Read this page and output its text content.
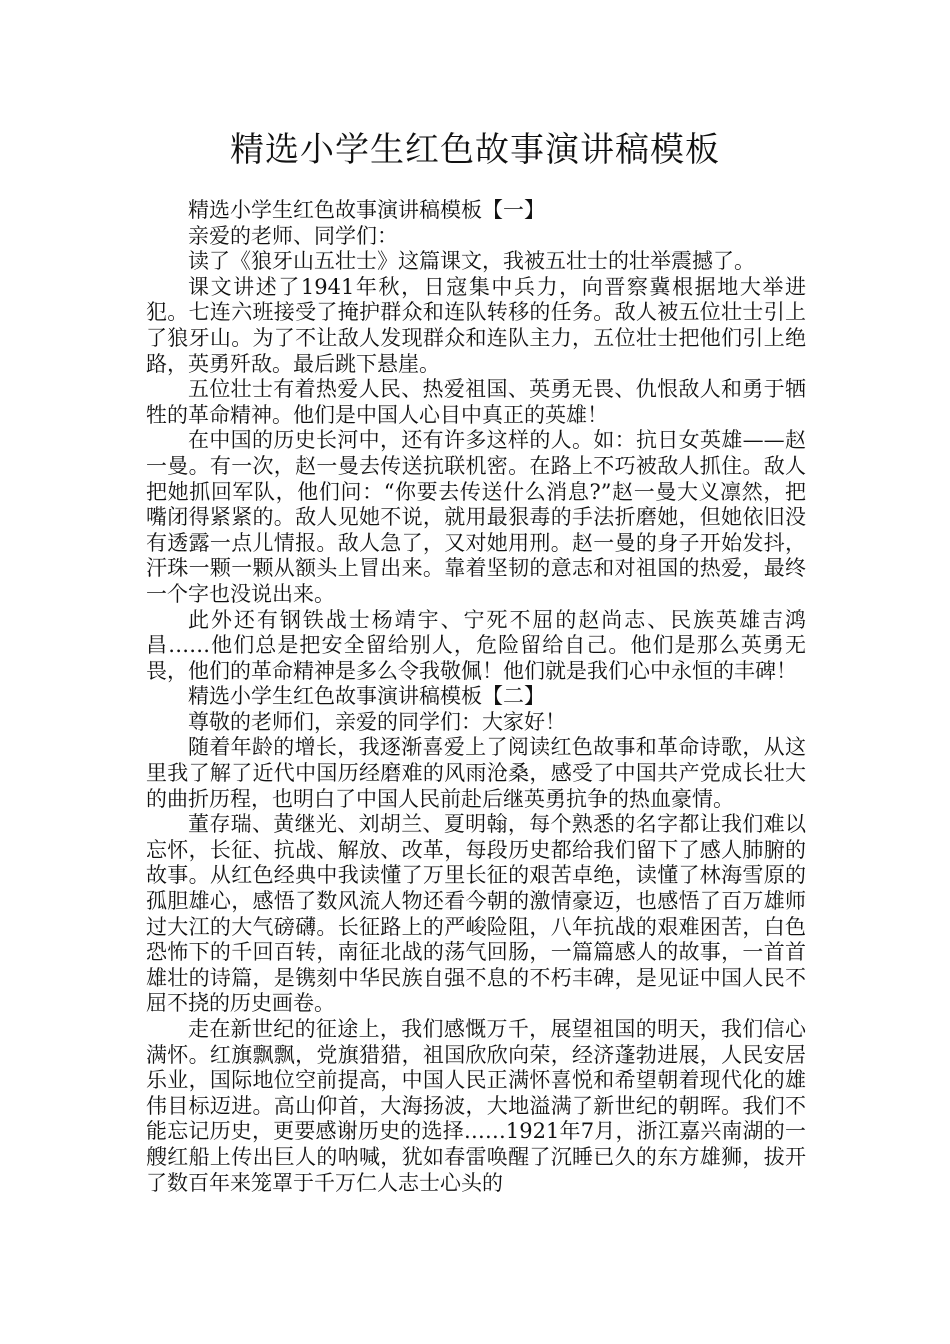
精选小学生红色故事演讲稿模板

精选小学生红色故事演讲稿模板【一】

亲爱的老师、同学们：

读了《狼牙山五壮士》这篇课文，我被五壮士的壮举震撼了。

课文讲述了1941年秋，日寇集中兵力，向晋察冀根据地大举进犯。七连六班接受了掩护群众和连队转移的任务。敌人被五位壮士引上了狼牙山。为了不让敌人发现群众和连队主力，五位壮士把他们引上绝路，英勇歼敌。最后跳下悬崖。

五位壮士有着热爱人民、热爱祖国、英勇无畏、仇恨敌人和勇于牺牲的革命精神。他们是中国人心目中真正的英雄！

在中国的历史长河中，还有许多这样的人。如：抗日女英雄——赵一曼。有一次，赵一曼去传送抗联机密。在路上不巧被敌人抓住。敌人把她抓回军队，他们问：“你要去传送什么消息?”赵一曼大义凛然，把嘴闭得紧紧的。敌人见她不说，就用最狠毒的手法折磨她，但她依旧没有透露一点儿情报。敌人急了，又对她用刑。赵一曼的身子开始发抖，汗珠一颗一颗从额头上冒出来。靠着坚韧的意志和对祖国的热爱，最终一个字也没说出来。

此外还有钢铁战士杨靖宇、宁死不屈的赵尚志、民族英雄吉鸿昌……他们总是把安全留给别人，危险留给自己。他们是那么英勇无畏，他们的革命精神是多么令我敬佩！他们就是我们心中永恒的丰碑！

精选小学生红色故事演讲稿模板【二】

尊敬的老师们，亲爱的同学们：大家好！

随着年龄的增长，我逐渐喜爱上了阅读红色故事和革命诗歌，从这里我了解了近代中国历经磨难的风雨沧桑，感受了中国共产党成长壮大的曲折历程，也明白了中国人民前赴后继英勇抗争的热血豪情。

董存瑞、黄继光、刘胡兰、夏明翰，每个熟悉的名字都让我们难以忘怀，长征、抗战、解放、改革，每段历史都给我们留下了感人肺腑的故事。从红色经典中我读懂了万里长征的艰苦卓绝，读懂了林海雪原的孤胆雄心，感悟了数风流人物还看今朝的激情豪迈，也感悟了百万雄师过大江的大气磅礴。长征路上的严峻险阻，八年抗战的艰难困苦，白色恐怖下的千回百转，南征北战的荡气回肠，一篇篇感人的故事，一首首雄壮的诗篇，是镌刻中华民族自强不息的不朽丰碑，是见证中国人民不屈不挠的历史画卷。

走在新世纪的征途上，我们感慨万千，展望祖国的明天，我们信心满怀。红旗飘飘，党旗猎猎，祖国欣欣向荣，经济蓬勃进展，人民安居乐业，国际地位空前提高，中国人民正满怀喜悦和希望朝着现代化的雄伟目标迈进。高山仰首，大海扬波，大地溢满了新世纪的朝晖。我们不能忘记历史，更要感谢历史的选择……1921年7月，浙江嘉兴南湖的一艘红船上传出巨人的呐喊，犹如春雷唤醒了沉睡已久的东方雄狮，拔开了数百年来笼罩于千万仁人志士心头的
